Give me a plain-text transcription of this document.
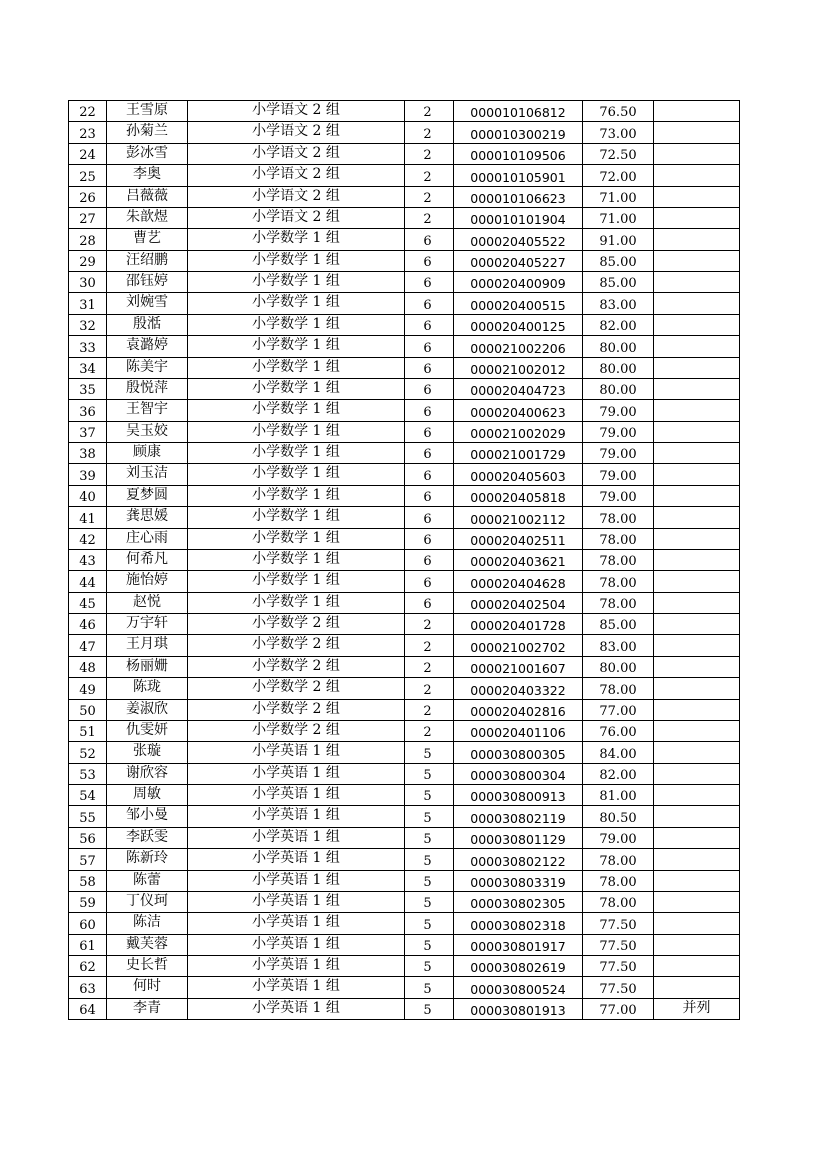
22	王雪原	小学语文 2 组	2	000010106812	76.50	
23	孙菊兰	小学语文 2 组	2	000010300219	73.00	
24	彭冰雪	小学语文 2 组	2	000010109506	72.50	
25	李奥	小学语文 2 组	2	000010105901	72.00	
26	吕薇薇	小学语文 2 组	2	000010106623	71.00	
27	朱歆煜	小学语文 2 组	2	000010101904	71.00	
28	曹艺	小学数学 1 组	6	000020405522	91.00	
29	汪绍鹏	小学数学 1 组	6	000020405227	85.00	
30	邵钰婷	小学数学 1 组	6	000020400909	85.00	
31	刘婉雪	小学数学 1 组	6	000020400515	83.00	
32	殷湉	小学数学 1 组	6	000020400125	82.00	
33	袁潞婷	小学数学 1 组	6	000021002206	80.00	
34	陈美宇	小学数学 1 组	6	000021002012	80.00	
35	殷悦萍	小学数学 1 组	6	000020404723	80.00	
36	王智宇	小学数学 1 组	6	000020400623	79.00	
37	吴玉姣	小学数学 1 组	6	000021002029	79.00	
38	顾康	小学数学 1 组	6	000021001729	79.00	
39	刘玉洁	小学数学 1 组	6	000020405603	79.00	
40	夏梦圆	小学数学 1 组	6	000020405818	79.00	
41	龚思媛	小学数学 1 组	6	000021002112	78.00	
42	庄心雨	小学数学 1 组	6	000020402511	78.00	
43	何希凡	小学数学 1 组	6	000020403621	78.00	
44	施怡婷	小学数学 1 组	6	000020404628	78.00	
45	赵悦	小学数学 1 组	6	000020402504	78.00	
46	万宇轩	小学数学 2 组	2	000020401728	85.00	
47	王月琪	小学数学 2 组	2	000021002702	83.00	
48	杨丽姗	小学数学 2 组	2	000021001607	80.00	
49	陈珑	小学数学 2 组	2	000020403322	78.00	
50	姜淑欣	小学数学 2 组	2	000020402816	77.00	
51	仇雯妍	小学数学 2 组	2	000020401106	76.00	
52	张璇	小学英语 1 组	5	000030800305	84.00	
53	谢欣容	小学英语 1 组	5	000030800304	82.00	
54	周敏	小学英语 1 组	5	000030800913	81.00	
55	邹小曼	小学英语 1 组	5	000030802119	80.50	
56	李跃雯	小学英语 1 组	5	000030801129	79.00	
57	陈新玲	小学英语 1 组	5	000030802122	78.00	
58	陈蕾	小学英语 1 组	5	000030803319	78.00	
59	丁仪珂	小学英语 1 组	5	000030802305	78.00	
60	陈洁	小学英语 1 组	5	000030802318	77.50	
61	戴芙蓉	小学英语 1 组	5	000030801917	77.50	
62	史长哲	小学英语 1 组	5	000030802619	77.50	
63	何时	小学英语 1 组	5	000030800524	77.50	
64	李青	小学英语 1 组	5	000030801913	77.00	并列
